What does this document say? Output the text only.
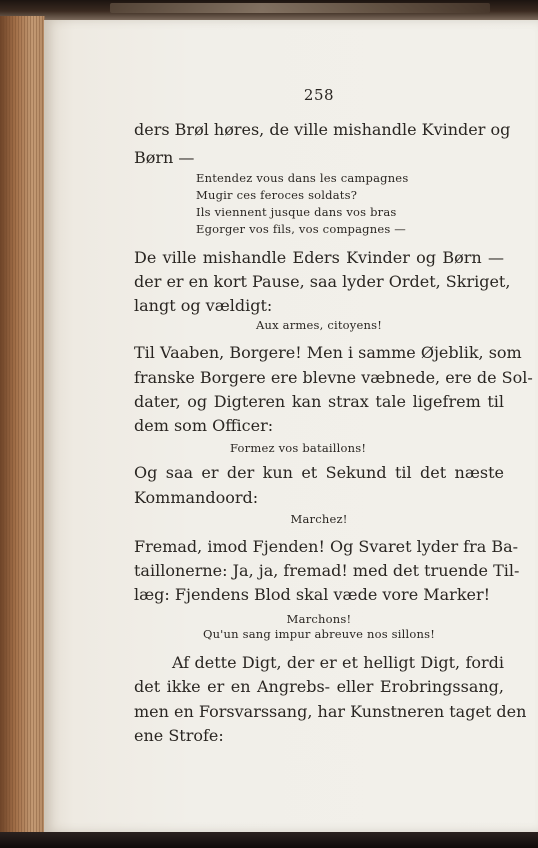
258
ders Brøl høres, de ville mishandle Kvinder og
Børn —
Entendez vous dans les campagnes
Mugir ces feroces soldats?
Ils viennent jusque dans vos bras
Egorger vos fils, vos compagnes —
De ville mishandle Eders Kvinder og Børn —
der er en kort Pause, saa lyder Ordet, Skriget,
langt og vældigt:
Aux armes, citoyens!
Til Vaaben, Borgere! Men i samme Øjeblik, som
franske Borgere ere blevne væbnede, ere de Sol-
dater, og Digteren kan strax tale ligefrem til
dem som Officer:
Formez vos bataillons!
Og saa er der kun et Sekund til det næste
Kommandoord:
Marchez!
Fremad, imod Fjenden! Og Svaret lyder fra Ba-
taillonerne: Ja, ja, fremad! med det truende Til-
læg: Fjendens Blod skal væde vore Marker!
Marchons!
Qu'un sang impur abreuve nos sillons!
Af dette Digt, der er et helligt Digt, fordi
det ikke er en Angrebs- eller Erobringssang,
men en Forsvarssang, har Kunstneren taget den
ene Strofe:
